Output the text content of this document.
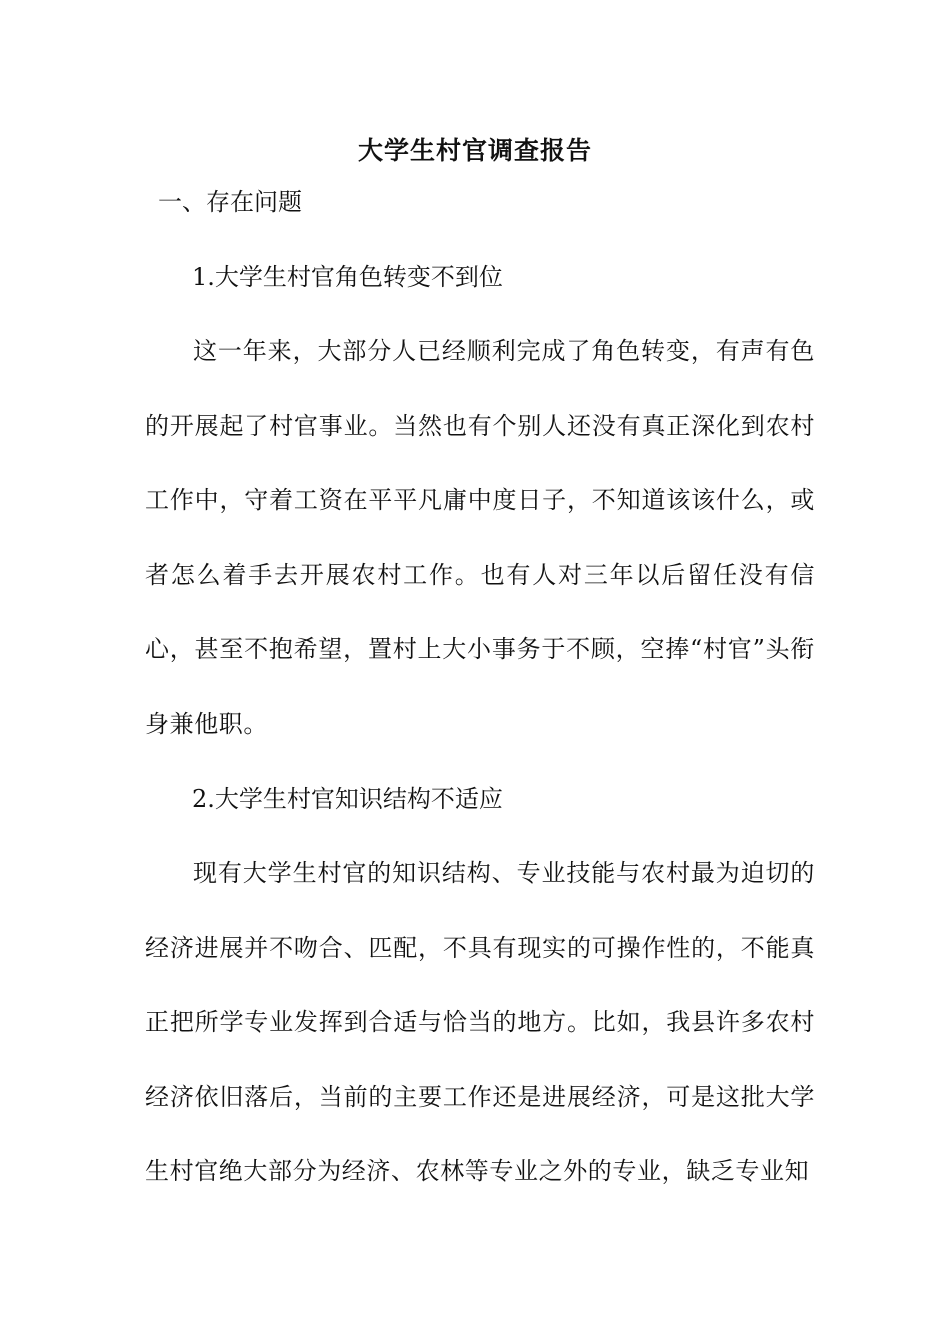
大学生村官调查报告
一、存在问题
1.大学生村官角色转变不到位

这一年来，大部分人已经顺利完成了角色转变，有声有色的开展起了村官事业。当然也有个别人还没有真正深化到农村工作中，守着工资在平平凡庸中度日子，不知道该该什么，或者怎么着手去开展农村工作。也有人对三年以后留任没有信心，甚至不抱希望，置村上大小事务于不顾，空捧“村官”头衔身兼他职。

2.大学生村官知识结构不适应

现有大学生村官的知识结构、专业技能与农村最为迫切的经济进展并不吻合、匹配，不具有现实的可操作性的，不能真正把所学专业发挥到合适与恰当的地方。比如，我县许多农村经济依旧落后，当前的主要工作还是进展经济，可是这批大学生村官绝大部分为经济、农林等专业之外的专业，缺乏专业知
